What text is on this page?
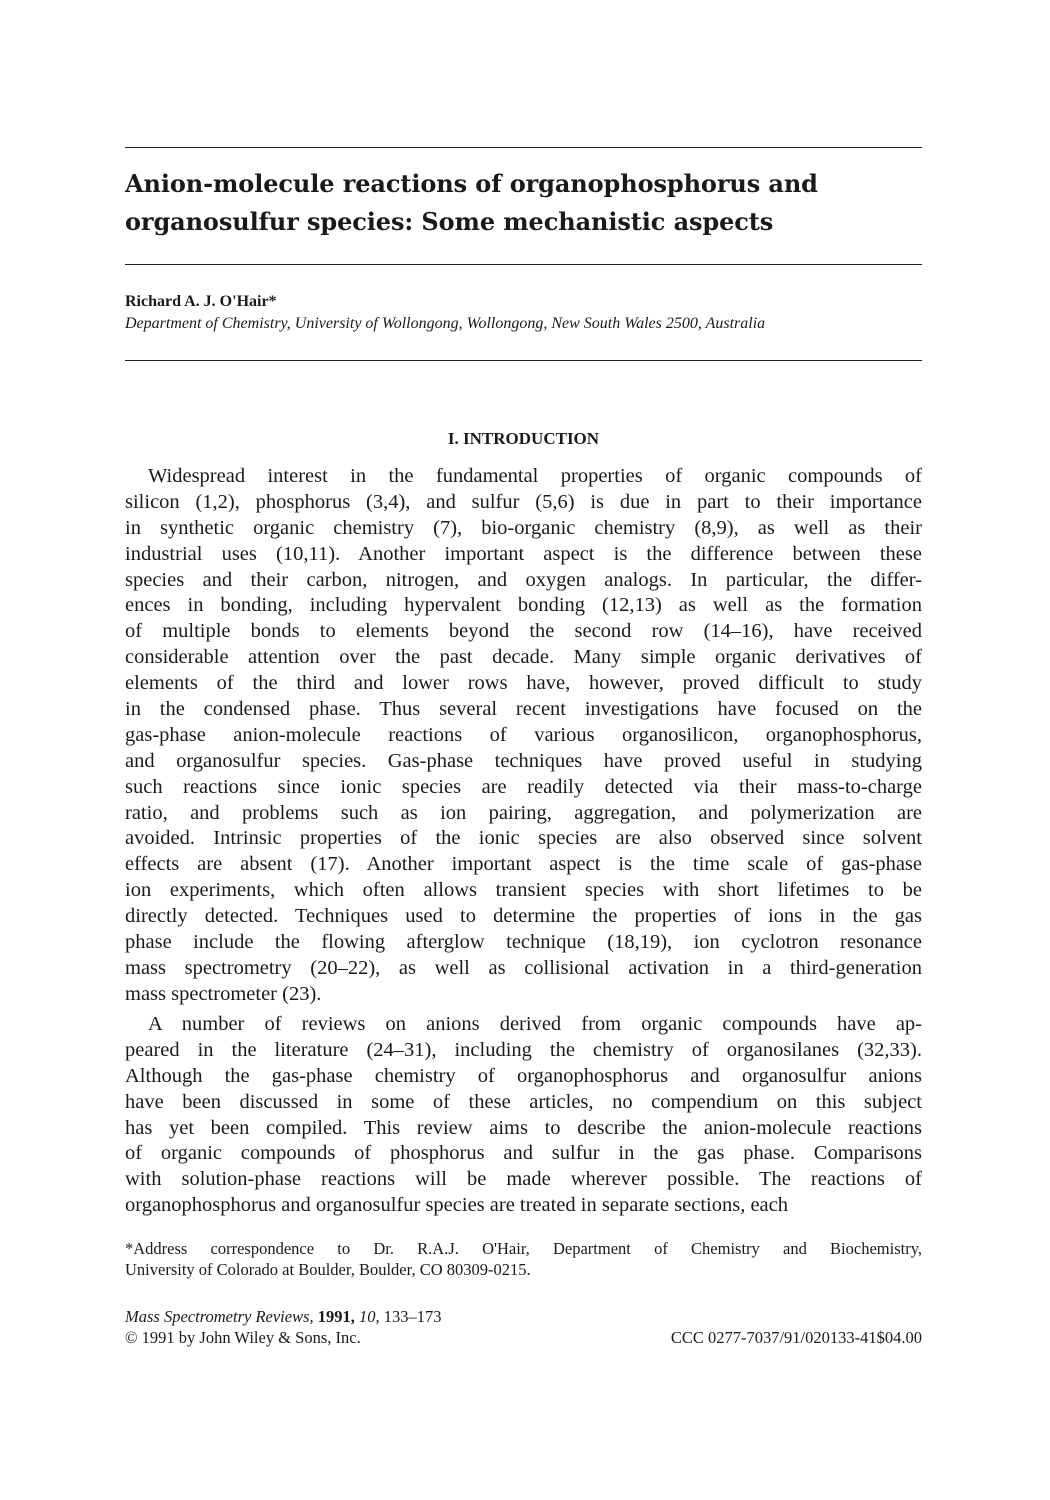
Anion-molecule reactions of organophosphorus and
organosulfur species: Some mechanistic aspects
Richard A. J. O'Hair*
Department of Chemistry, University of Wollongong, Wollongong, New South Wales 2500, Australia
I. INTRODUCTION
Widespread interest in the fundamental properties of organic compounds of
silicon (1,2), phosphorus (3,4), and sulfur (5,6) is due in part to their importance
in synthetic organic chemistry (7), bio-organic chemistry (8,9), as well as their
industrial uses (10,11). Another important aspect is the difference between these
species and their carbon, nitrogen, and oxygen analogs. In particular, the differ-
ences in bonding, including hypervalent bonding (12,13) as well as the formation
of multiple bonds to elements beyond the second row (14–16), have received
considerable attention over the past decade. Many simple organic derivatives of
elements of the third and lower rows have, however, proved difficult to study
in the condensed phase. Thus several recent investigations have focused on the
gas-phase anion-molecule reactions of various organosilicon, organophosphorus,
and organosulfur species. Gas-phase techniques have proved useful in studying
such reactions since ionic species are readily detected via their mass-to-charge
ratio, and problems such as ion pairing, aggregation, and polymerization are
avoided. Intrinsic properties of the ionic species are also observed since solvent
effects are absent (17). Another important aspect is the time scale of gas-phase
ion experiments, which often allows transient species with short lifetimes to be
directly detected. Techniques used to determine the properties of ions in the gas
phase include the flowing afterglow technique (18,19), ion cyclotron resonance
mass spectrometry (20–22), as well as collisional activation in a third-generation
mass spectrometer (23).
A number of reviews on anions derived from organic compounds have ap-
peared in the literature (24–31), including the chemistry of organosilanes (32,33).
Although the gas-phase chemistry of organophosphorus and organosulfur anions
have been discussed in some of these articles, no compendium on this subject
has yet been compiled. This review aims to describe the anion-molecule reactions
of organic compounds of phosphorus and sulfur in the gas phase. Comparisons
with solution-phase reactions will be made wherever possible. The reactions of
organophosphorus and organosulfur species are treated in separate sections, each
*Address correspondence to Dr. R.A.J. O'Hair, Department of Chemistry and Biochemistry,
University of Colorado at Boulder, Boulder, CO 80309-0215.
Mass Spectrometry Reviews, 1991, 10, 133–173
© 1991 by John Wiley & Sons, Inc.	CCC 0277-7037/91/020133-41$04.00
